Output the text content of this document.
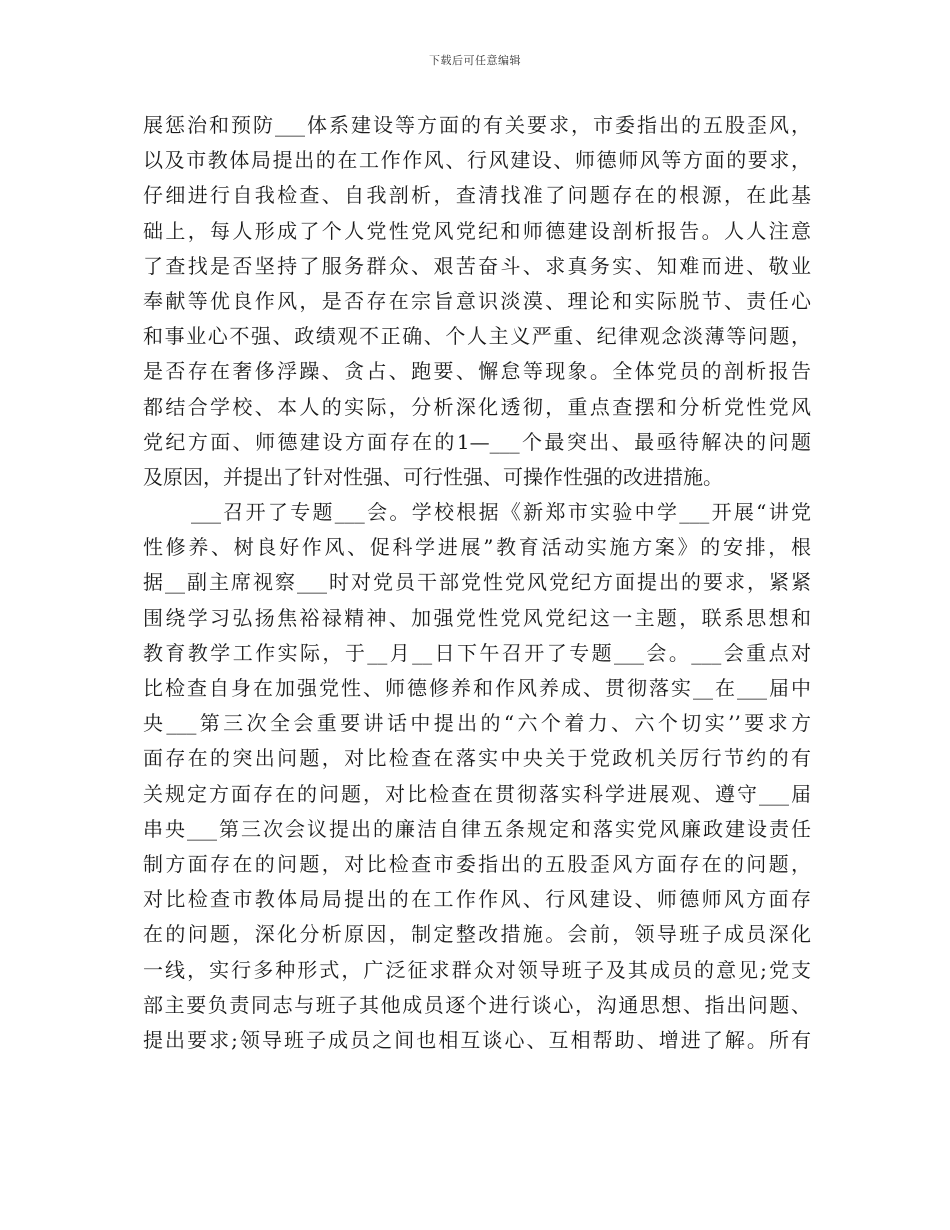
下载后可任意编辑
展惩治和预防___体系建设等方面的有关要求，市委指出的五股歪风，
以及市教体局提出的在工作作风、行风建设、师德师风等方面的要求，
仔细进行自我检查、自我剖析，查清找准了问题存在的根源，在此基
础上，每人形成了个人党性党风党纪和师德建设剖析报告。人人注意
了查找是否坚持了服务群众、艰苦奋斗、求真务实、知难而进、敬业
奉献等优良作风，是否存在宗旨意识淡漠、理论和实际脱节、责任心
和事业心不强、政绩观不正确、个人主义严重、纪律观念淡薄等问题，
是否存在奢侈浮躁、贪占、跑要、懈怠等现象。全体党员的剖析报告
都结合学校、本人的实际，分析深化透彻，重点查摆和分析党性党风
党纪方面、师德建设方面存在的1—___个最突出、最亟待解决的问题
及原因，并提出了针对性强、可行性强、可操作性强的改进措施。
___召开了专题___会。学校根据《新郑市实验中学___开展“讲党
性修养、树良好作风、促科学进展”教育活动实施方案》的安排，根
据__副主席视察___时对党员干部党性党风党纪方面提出的要求，紧紧
围绕学习弘扬焦裕禄精神、加强党性党风党纪这一主题，联系思想和
教育教学工作实际，于__月__日下午召开了专题___会。___会重点对
比检查自身在加强党性、师德修养和作风养成、贯彻落实__在___届中
央___第三次全会重要讲话中提出的“六个着力、六个切实’’要求方
面存在的突出问题，对比检查在落实中央关于党政机关厉行节约的有
关规定方面存在的问题，对比检查在贯彻落实科学进展观、遵守___届
串央___第三次会议提出的廉洁自律五条规定和落实党风廉政建设责任
制方面存在的问题，对比检查市委指出的五股歪风方面存在的问题，
对比检查市教体局局提出的在工作作风、行风建设、师德师风方面存
在的问题，深化分析原因，制定整改措施。会前，领导班子成员深化
一线，实行多种形式，广泛征求群众对领导班子及其成员的意见;党支
部主要负责同志与班子其他成员逐个进行谈心，沟通思想、指出问题、
提出要求;领导班子成员之间也相互谈心、互相帮助、增进了解。所有
